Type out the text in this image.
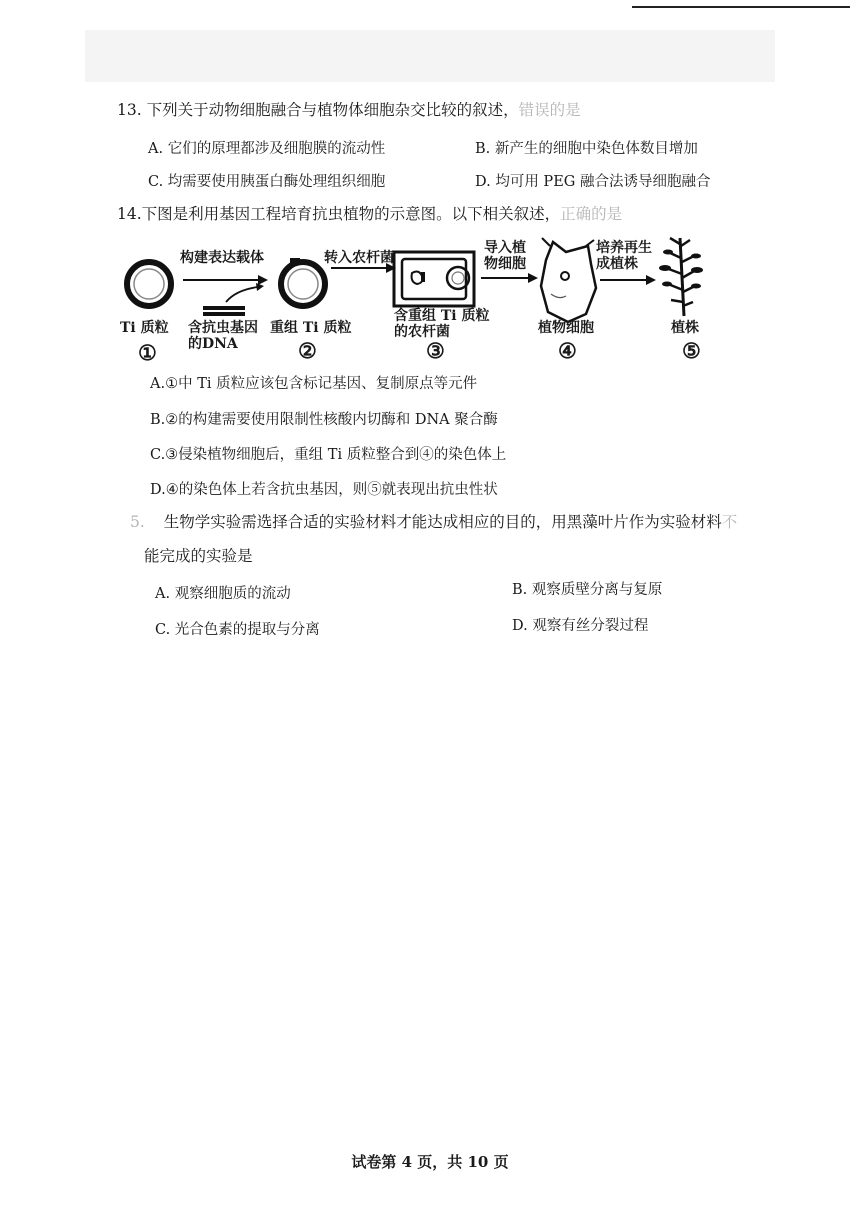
13. 下列关于动物细胞融合与植物体细胞杂交比较的叙述，错误的是
A. 它们的原理都涉及细胞膜的流动性	B. 新产生的细胞中染色体数目增加
C. 均需要使用胰蛋白酶处理组织细胞	D. 均可用 PEG 融合法诱导细胞融合
14.下图是利用基因工程培育抗虫植物的示意图。以下相关叙述，正确的是
构建表达载体	转入农杆菌
导入植
物细胞
培养再生
成植株
Ti 质粒 含抗虫基因
的DNA
重组 Ti 质粒
含重组 Ti 质粒
的农杆菌	植物细胞	植株
①	②	③	④	⑤
A.①中 Ti 质粒应该包含标记基因、复制原点等元件
B.②的构建需要使用限制性核酸内切酶和 DNA 聚合酶
C.③侵染植物细胞后，重组 Ti 质粒整合到④的染色体上
D.④的染色体上若含抗虫基因，则⑤就表现出抗虫性状
5. 生物学实验需选择合适的实验材料才能达成相应的目的，用黑藻叶片作为实验材料不
能完成的实验是
A. 观察细胞质的流动	B. 观察质壁分离与复原
C. 光合色素的提取与分离	D. 观察有丝分裂过程
试卷第 4 页，共 10 页
